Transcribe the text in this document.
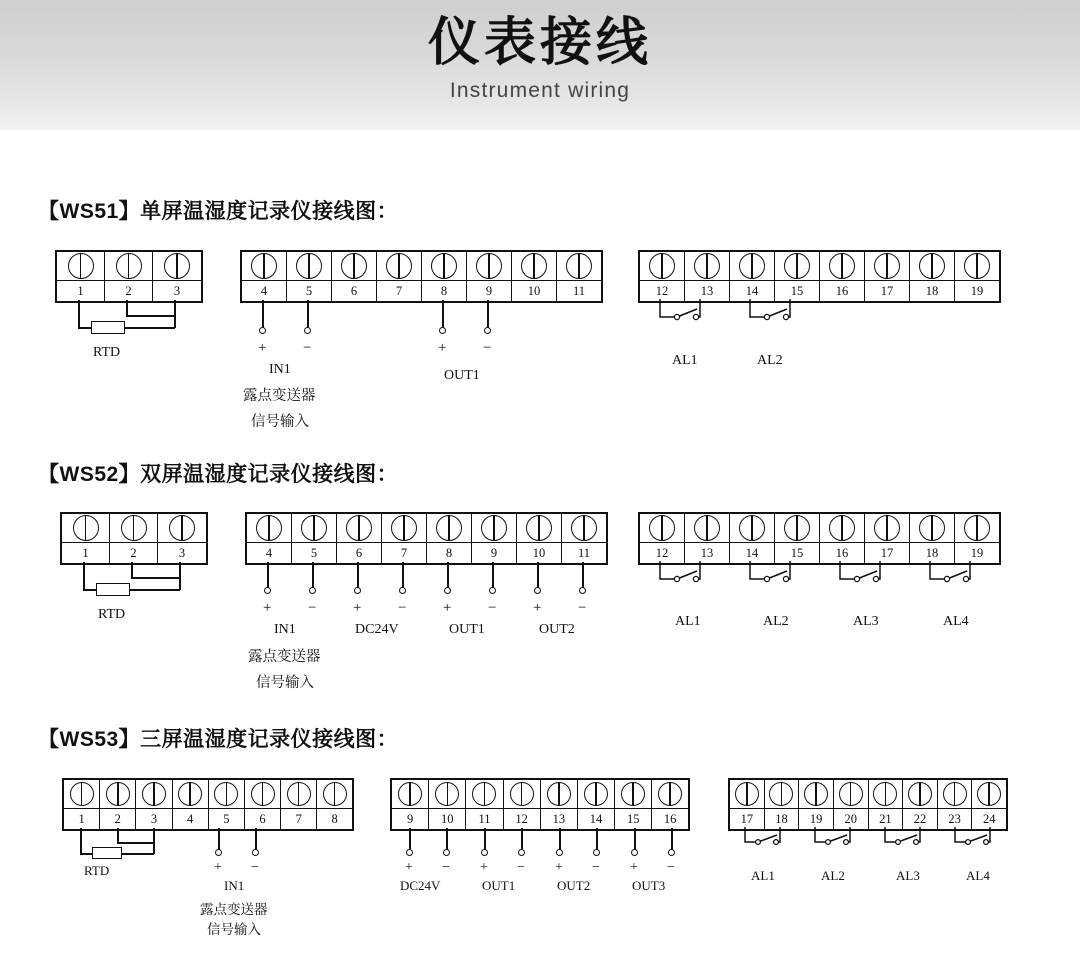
仪表接线
Instrument wiring
【WS51】单屏温湿度记录仪接线图：
1	2	3
RTD
4	5	6	7	8	9	10	11
+ −	+ −
IN1	OUT1
露点变送器
信号输入
12	13	14	15	16	17	18	19
AL1	AL2
【WS52】双屏温湿度记录仪接线图：
1	2	3
RTD
4	5	6	7	8	9	10	11
+ − + − + − + −
IN1	DC24V	OUT1	OUT2
露点变送器
信号输入
12	13	14	15	16	17	18	19
AL1	AL2	AL3	AL4
【WS53】三屏温湿度记录仪接线图：
1 2 3 4 5 6 7 8
RTD	+ −
IN1
露点变送器
信号输入
9 10 11 12 13 14 15 16
+ − + − + − + −
DC24V	OUT1	OUT2	OUT3
17 18 19 20 21 22 23 24
AL1	AL2	AL3	AL4
